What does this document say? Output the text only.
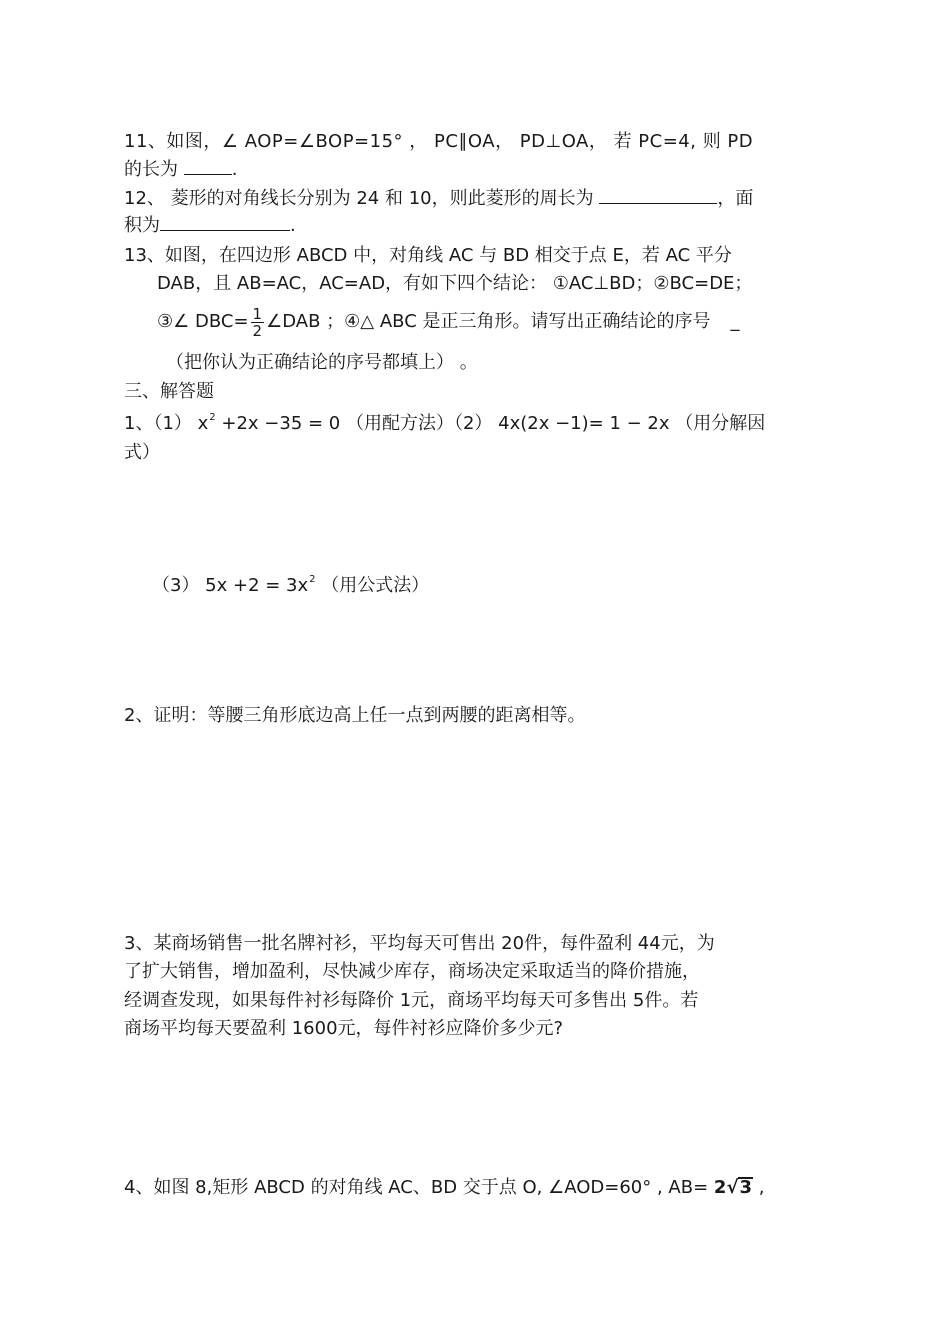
11、如图，∠ AOP=∠BOP=15° ， PC∥OA， PD⊥OA， 若 PC=4, 则 PD
的长为	.
12、 菱形的对角线长分别为 24 和 10，则此菱形的周长为	，面
积为	.
13、如图，在四边形 ABCD 中，对角线 AC 与 BD 相交于点 E，若 AC 平分
DAB，且 AB=AC，AC=AD，有如下四个结论： ①AC⊥BD；②BC=DE；
③∠ $DBC= \frac{1}{2}$ ∠DAB ；④△ ABC 是正三角形。请写出正确结论的序号 _
（把你认为正确结论的序号都填上） 。
三、解答题
1、（1） $x^2 +2x -35 = 0$ （用配方法）（2） 4x(2x −1)= 1 − 2x （用分解因
式）
（3） $5x +2 = 3x^2$ （用公式法）
2、证明：等腰三角形底边高上任一点到两腰的距离相等。
3、某商场销售一批名牌衬衫，平均每天可售出 20件，每件盈利 44元，为
了扩大销售，增加盈利，尽快减少库存，商场决定采取适当的降价措施，
经调查发现，如果每件衬衫每降价 1元，商场平均每天可多售出 5件。若
商场平均每天要盈利 1600元，每件衬衫应降价多少元?
4、如图 8,矩形 ABCD 的对角线 AC、BD 交于点 O, ∠AOD=60° , AB= 2√3 ,
